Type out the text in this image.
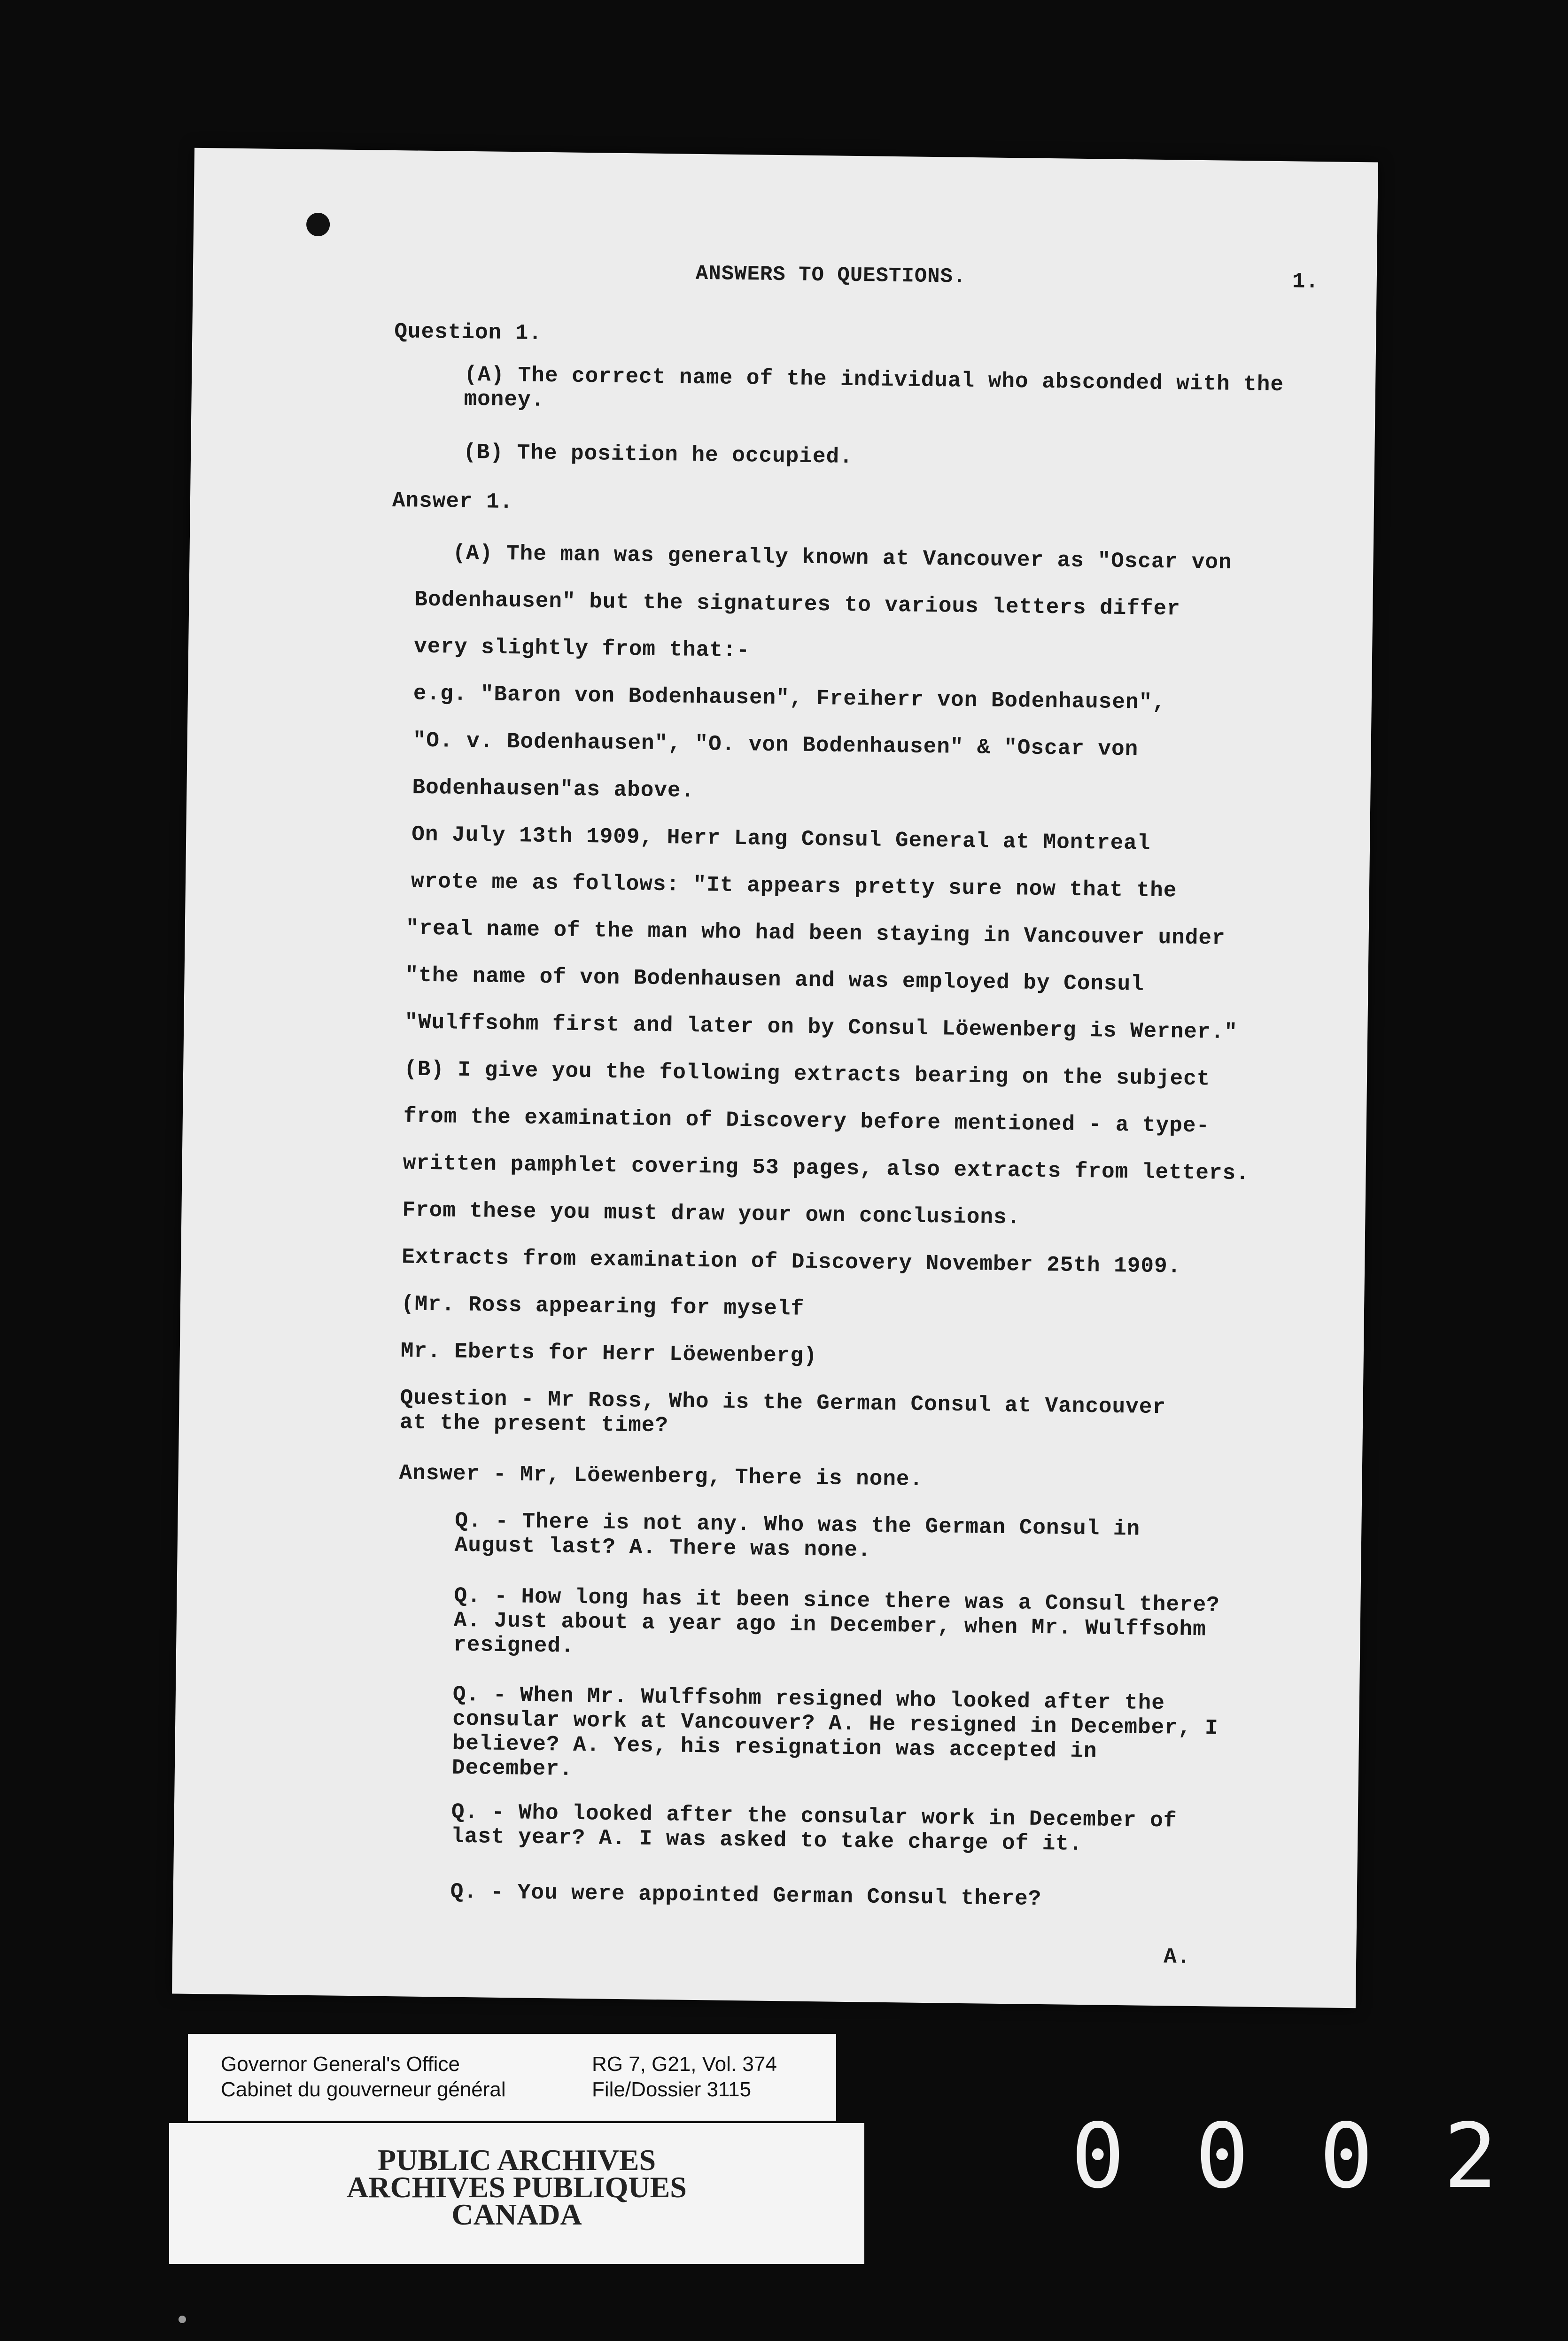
ANSWERS TO QUESTIONS.	1.
Question 1.
(A) The correct name of the individual who absconded with the money.
(B) The position he occupied.
Answer 1.
(A) The man was generally known at Vancouver as "Oscar von
Bodenhausen" but the signatures to various letters differ
very slightly from that:-
e.g. "Baron von Bodenhausen", Freiherr von Bodenhausen",
"O. v. Bodenhausen", "O. von Bodenhausen" & "Oscar von
Bodenhausen"as above.
On July 13th 1909, Herr Lang Consul General at Montreal
wrote me as follows: "It appears pretty sure now that the
"real name of the man who had been staying in Vancouver under
"the name of von Bodenhausen and was employed by Consul
"Wulffsohm first and later on by Consul Löewenberg is Werner."
(B) I give you the following extracts bearing on the subject
from the examination of Discovery before mentioned - a type-
written pamphlet covering 53 pages, also extracts from letters.
From these you must draw your own conclusions.
Extracts from examination of Discovery November 25th 1909.
(Mr. Ross appearing for myself
Mr. Eberts for Herr Löewenberg)
Question - Mr Ross, Who is the German Consul at Vancouver at the present time?
Answer - Mr, Löewenberg, There is none.
Q. - There is not any. Who was the German Consul in August last? A. There was none.
Q. - How long has it been since there was a Consul there? A. Just about a year ago in December, when Mr. Wulffsohm resigned.
Q. - When Mr. Wulffsohm resigned who looked after the consular work at Vancouver? A. He resigned in December, I believe? A. Yes, his resignation was accepted in December.
Q. - Who looked after the consular work in December of last year? A. I was asked to take charge of it.
Q. - You were appointed German Consul there?
A.
Governor General's Office
Cabinet du gouverneur général
RG 7, G21, Vol. 374
File/Dossier 3115
PUBLIC ARCHIVES
ARCHIVES PUBLIQUES
CANADA
0002
